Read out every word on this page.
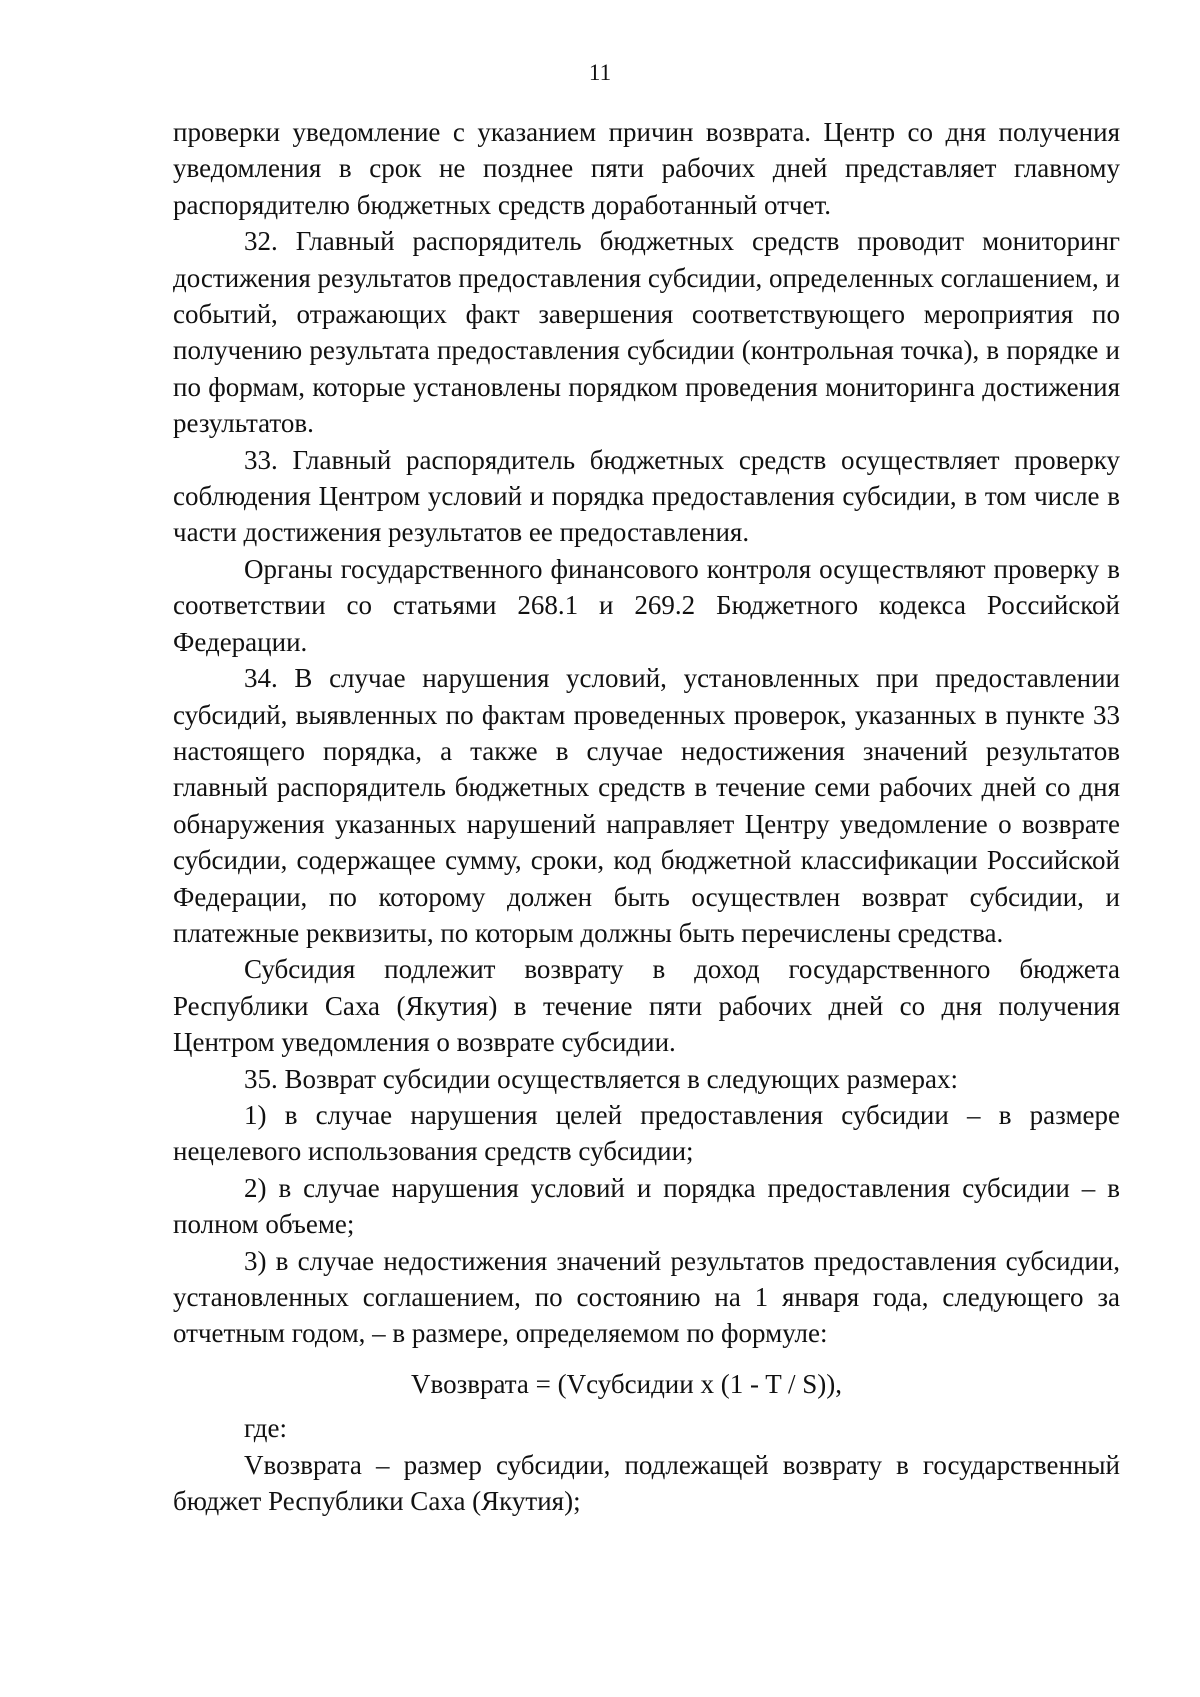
11

проверки уведомление с указанием причин возврата. Центр со дня получения уведомления в срок не позднее пяти рабочих дней представляет главному распорядителю бюджетных средств доработанный отчет.

32. Главный распорядитель бюджетных средств проводит мониторинг достижения результатов предоставления субсидии, определенных соглашением, и событий, отражающих факт завершения соответствующего мероприятия по получению результата предоставления субсидии (контрольная точка), в порядке и по формам, которые установлены порядком проведения мониторинга достижения результатов.

33. Главный распорядитель бюджетных средств осуществляет проверку соблюдения Центром условий и порядка предоставления субсидии, в том числе в части достижения результатов ее предоставления.

Органы государственного финансового контроля осуществляют проверку в соответствии со статьями 268.1 и 269.2 Бюджетного кодекса Российской Федерации.

34. В случае нарушения условий, установленных при предоставлении субсидий, выявленных по фактам проведенных проверок, указанных в пункте 33 настоящего порядка, а также в случае недостижения значений результатов главный распорядитель бюджетных средств в течение семи рабочих дней со дня обнаружения указанных нарушений направляет Центру уведомление о возврате субсидии, содержащее сумму, сроки, код бюджетной классификации Российской Федерации, по которому должен быть осуществлен возврат субсидии, и платежные реквизиты, по которым должны быть перечислены средства.

Субсидия подлежит возврату в доход государственного бюджета Республики Саха (Якутия) в течение пяти рабочих дней со дня получения Центром уведомления о возврате субсидии.

35. Возврат субсидии осуществляется в следующих размерах:

1) в случае нарушения целей предоставления субсидии – в размере нецелевого использования средств субсидии;

2) в случае нарушения условий и порядка предоставления субсидии – в полном объеме;

3) в случае недостижения значений результатов предоставления субсидии, установленных соглашением, по состоянию на 1 января года, следующего за отчетным годом, – в размере, определяемом по формуле:

Vвозврата = (Vсубсидии x (1 - T / S)),

где:

Vвозврата – размер субсидии, подлежащей возврату в государственный бюджет Республики Саха (Якутия);
